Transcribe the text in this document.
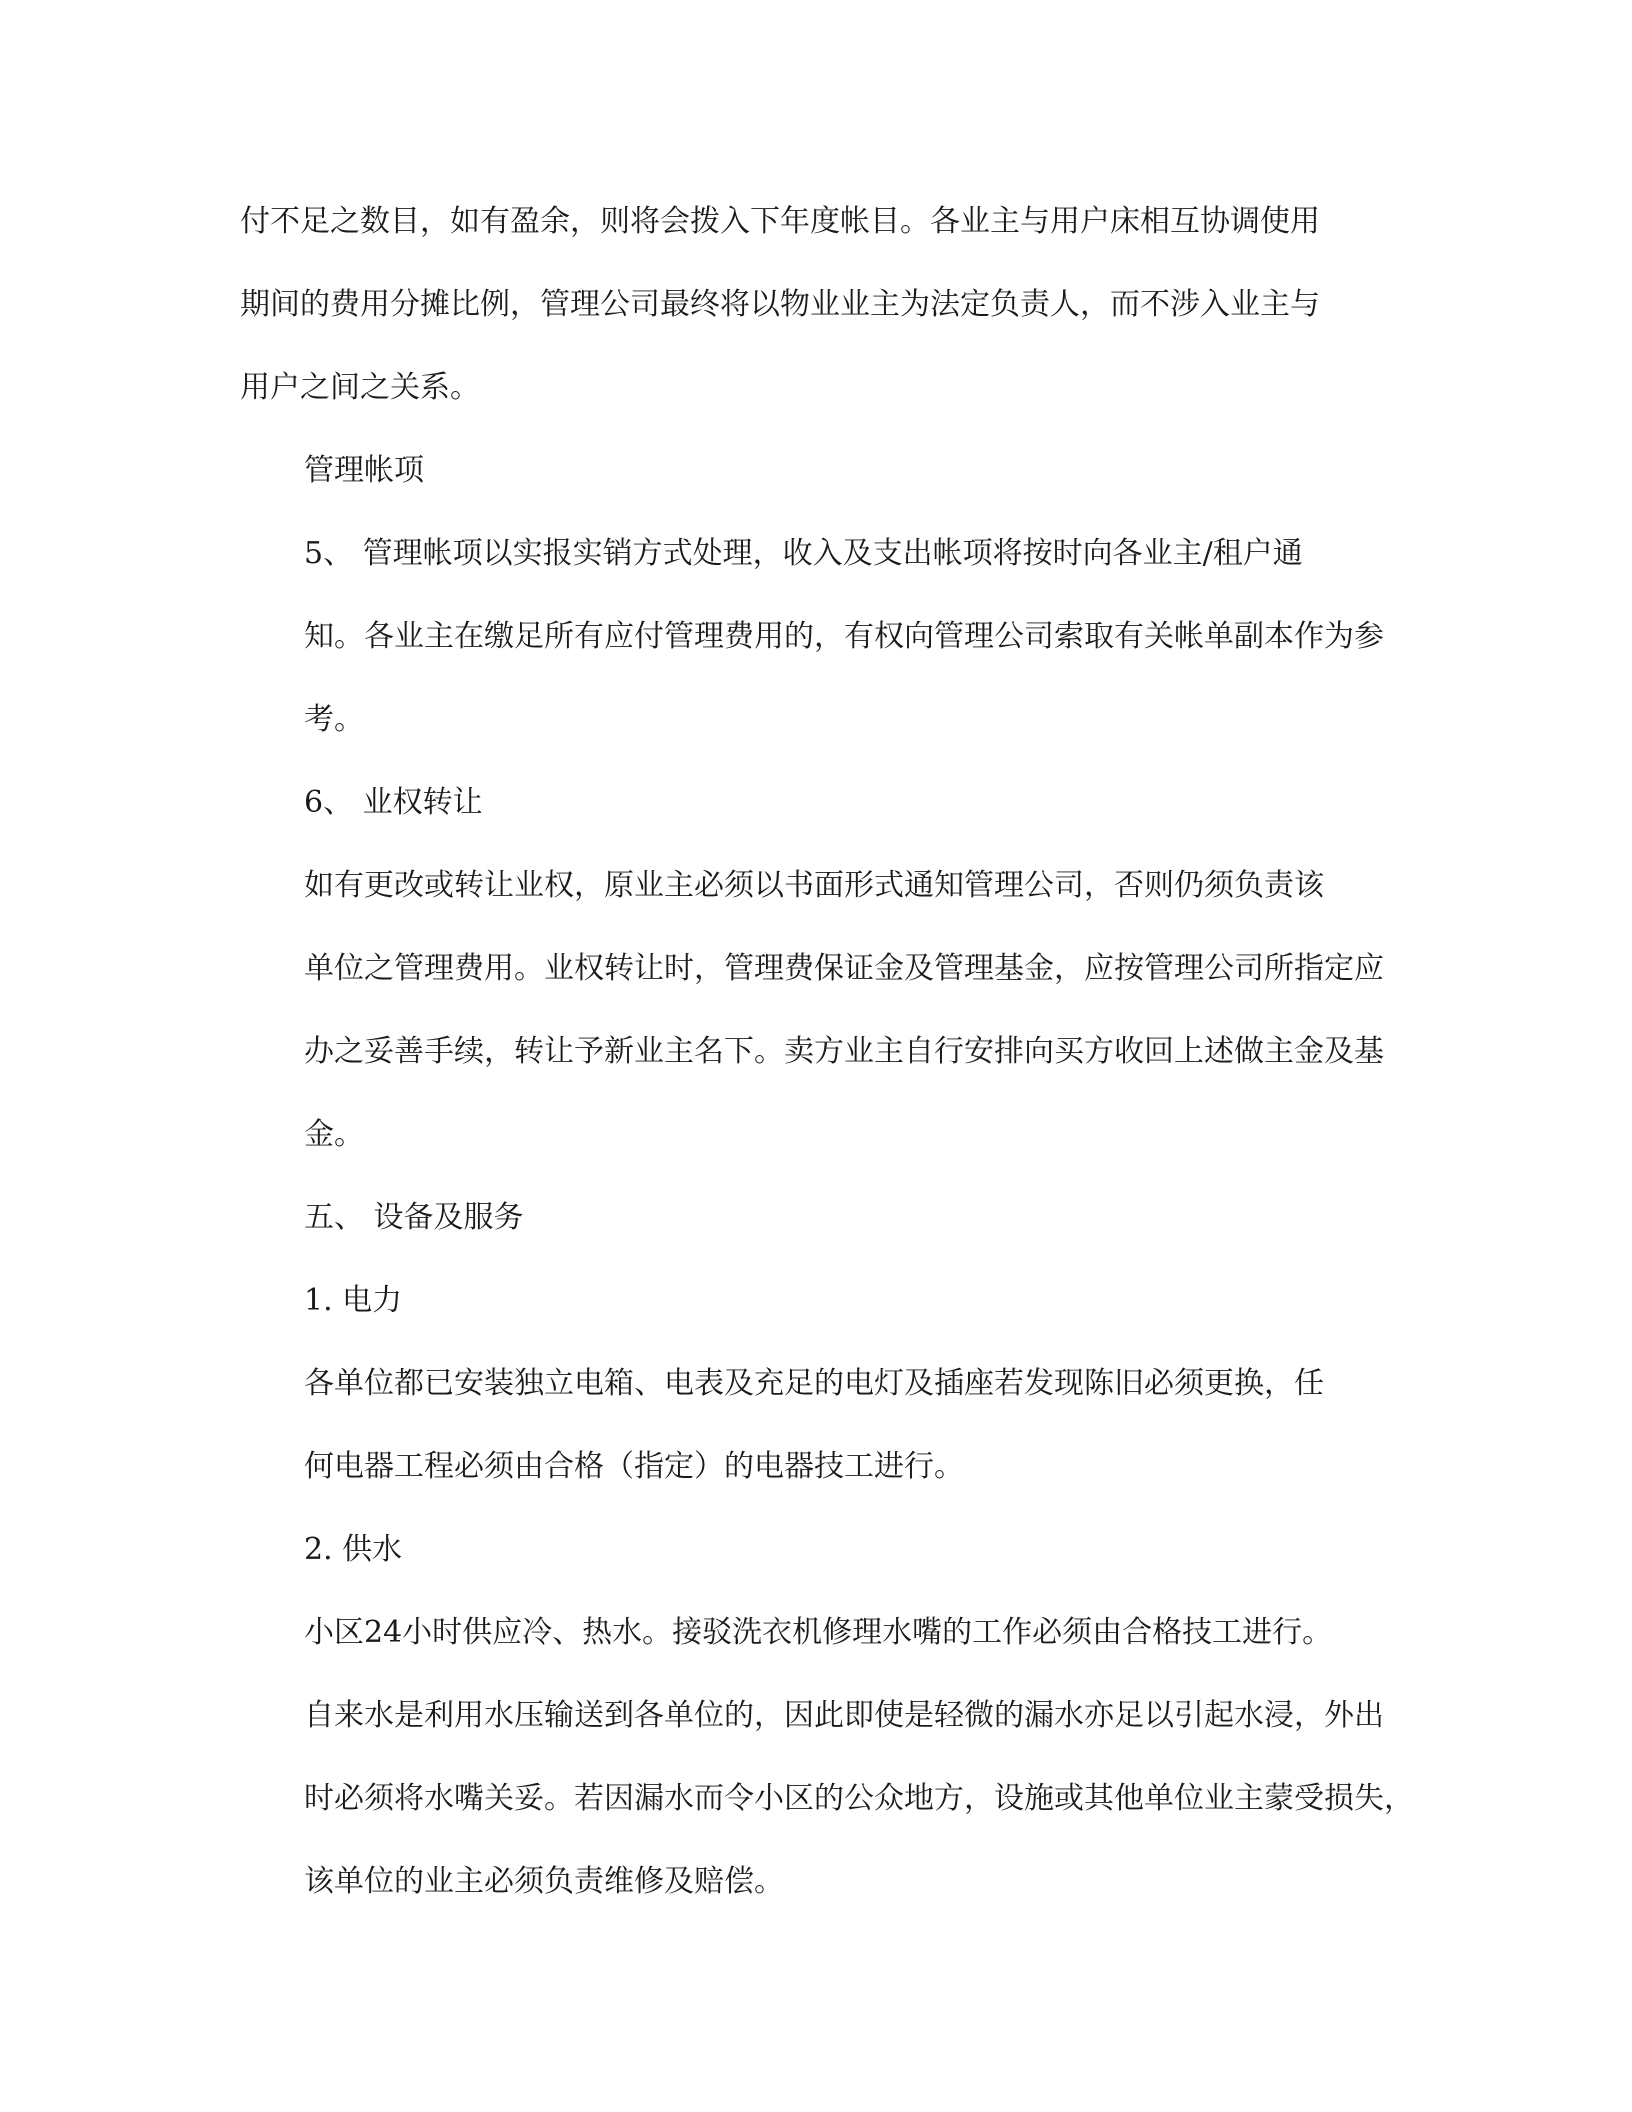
付不足之数目，如有盈余，则将会拨入下年度帐目。各业主与用户床相互协调使用
期间的费用分摊比例，管理公司最终将以物业业主为法定负责人，而不涉入业主与
用户之间之关系。

管理帐项

5、 管理帐项以实报实销方式处理，收入及支出帐项将按时向各业主/租户通
知。各业主在缴足所有应付管理费用的，有权向管理公司索取有关帐单副本作为参
考。

6、 业权转让

如有更改或转让业权，原业主必须以书面形式通知管理公司，否则仍须负责该
单位之管理费用。业权转让时，管理费保证金及管理基金，应按管理公司所指定应
办之妥善手续，转让予新业主名下。卖方业主自行安排向买方收回上述做主金及基
金。

五、 设备及服务

1. 电力

各单位都已安装独立电箱、电表及充足的电灯及插座若发现陈旧必须更换，任
何电器工程必须由合格（指定）的电器技工进行。

2. 供水

小区24小时供应冷、热水。接驳洗衣机修理水嘴的工作必须由合格技工进行。
自来水是利用水压输送到各单位的，因此即使是轻微的漏水亦足以引起水浸，外出
时必须将水嘴关妥。若因漏水而令小区的公众地方，设施或其他单位业主蒙受损失，
该单位的业主必须负责维修及赔偿。
